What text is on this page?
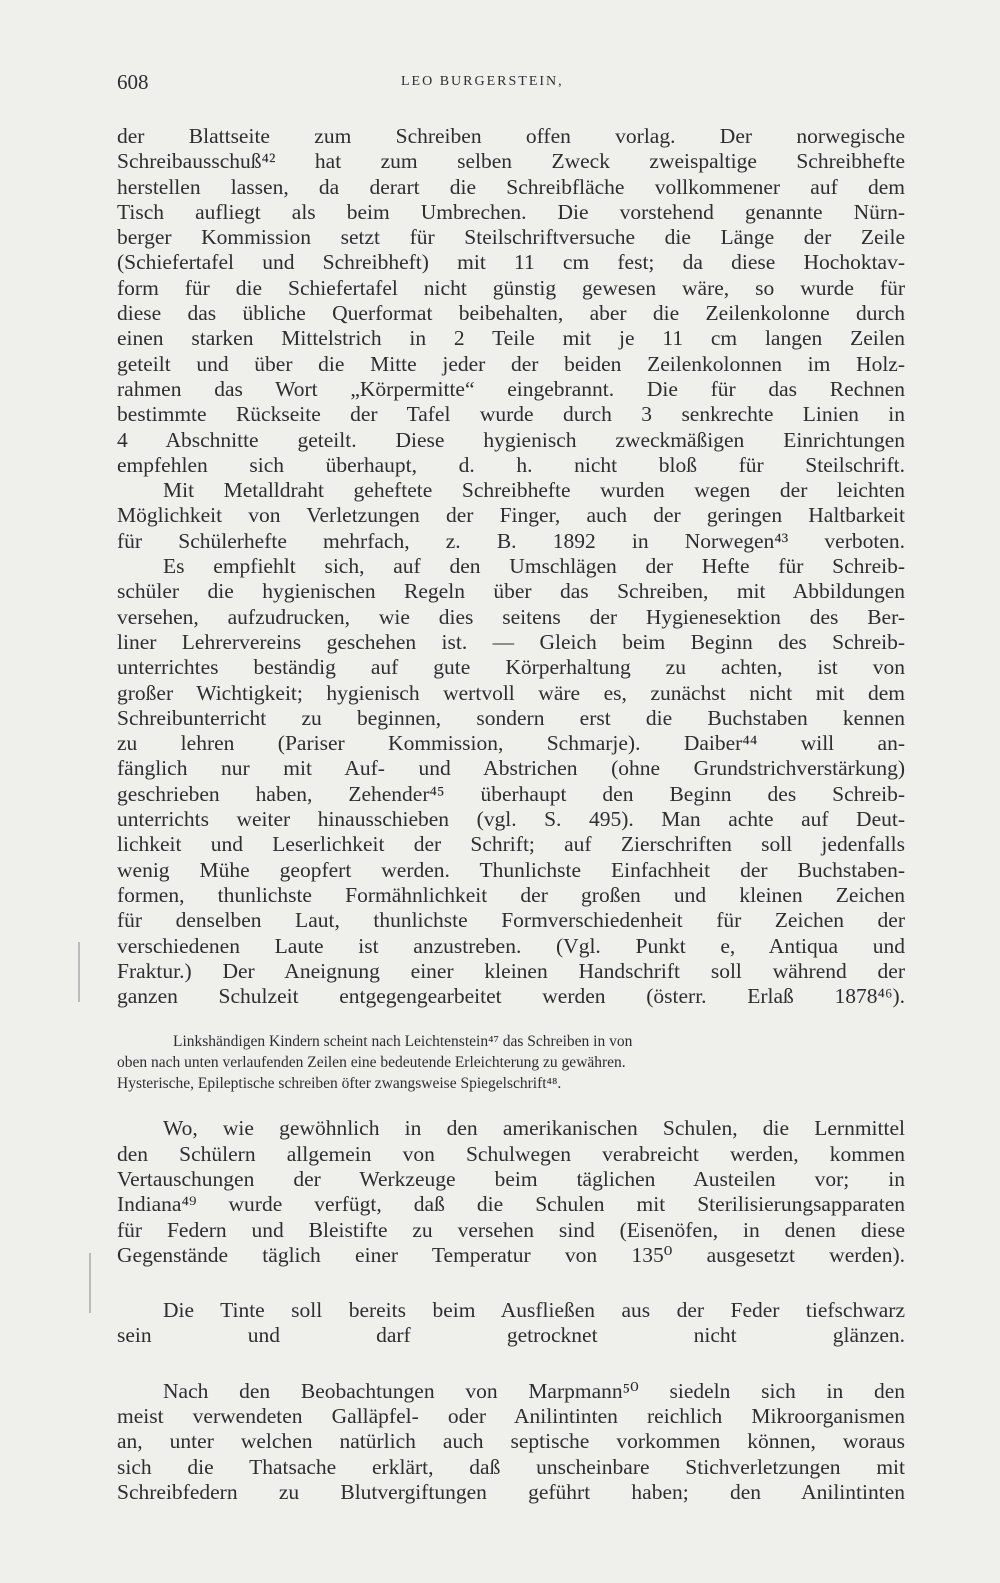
608	LEO BURGERSTEIN,
der Blattseite zum Schreiben offen vorlag. Der norwegische
Schreibausschuß⁴² hat zum selben Zweck zweispaltige Schreibhefte
herstellen lassen, da derart die Schreibfläche vollkommener auf dem
Tisch aufliegt als beim Umbrechen. Die vorstehend genannte Nürn-
berger Kommission setzt für Steilschriftversuche die Länge der Zeile
(Schiefertafel und Schreibheft) mit 11 cm fest; da diese Hochoktav-
form für die Schiefertafel nicht günstig gewesen wäre, so wurde für
diese das übliche Querformat beibehalten, aber die Zeilenkolonne durch
einen starken Mittelstrich in 2 Teile mit je 11 cm langen Zeilen
geteilt und über die Mitte jeder der beiden Zeilenkolonnen im Holz-
rahmen das Wort „Körpermitte“ eingebrannt. Die für das Rechnen
bestimmte Rückseite der Tafel wurde durch 3 senkrechte Linien in
4 Abschnitte geteilt. Diese hygienisch zweckmäßigen Einrichtungen
empfehlen sich überhaupt, d. h. nicht bloß für Steilschrift.
Mit Metalldraht geheftete Schreibhefte wurden wegen der leichten
Möglichkeit von Verletzungen der Finger, auch der geringen Haltbarkeit
für Schülerhefte mehrfach, z. B. 1892 in Norwegen⁴³ verboten.
Es empfiehlt sich, auf den Umschlägen der Hefte für Schreib-
schüler die hygienischen Regeln über das Schreiben, mit Abbildungen
versehen, aufzudrucken, wie dies seitens der Hygienesektion des Ber-
liner Lehrervereins geschehen ist. — Gleich beim Beginn des Schreib-
unterrichtes beständig auf gute Körperhaltung zu achten, ist von
großer Wichtigkeit; hygienisch wertvoll wäre es, zunächst nicht mit dem
Schreibunterricht zu beginnen, sondern erst die Buchstaben kennen
zu lehren (Pariser Kommission, Schmarje). Daiber⁴⁴ will an-
fänglich nur mit Auf- und Abstrichen (ohne Grundstrichverstärkung)
geschrieben haben, Zehender⁴⁵ überhaupt den Beginn des Schreib-
unterrichts weiter hinausschieben (vgl. S. 495). Man achte auf Deut-
lichkeit und Leserlichkeit der Schrift; auf Zierschriften soll jedenfalls
wenig Mühe geopfert werden. Thunlichste Einfachheit der Buchstaben-
formen, thunlichste Formähnlichkeit der großen und kleinen Zeichen
für denselben Laut, thunlichste Formverschiedenheit für Zeichen der
verschiedenen Laute ist anzustreben. (Vgl. Punkt e, Antiqua und
Fraktur.) Der Aneignung einer kleinen Handschrift soll während der
ganzen Schulzeit entgegengearbeitet werden (österr. Erlaß 1878⁴⁶).
Linkshändigen Kindern scheint nach Leichtenstein⁴⁷ das Schreiben in von
oben nach unten verlaufenden Zeilen eine bedeutende Erleichterung zu gewähren.
Hysterische, Epileptische schreiben öfter zwangsweise Spiegelschrift⁴⁸.
Wo, wie gewöhnlich in den amerikanischen Schulen, die Lernmittel
den Schülern allgemein von Schulwegen verabreicht werden, kommen
Vertauschungen der Werkzeuge beim täglichen Austeilen vor; in
Indiana⁴⁹ wurde verfügt, daß die Schulen mit Sterilisierungsapparaten
für Federn und Bleistifte zu versehen sind (Eisenöfen, in denen diese
Gegenstände täglich einer Temperatur von 135⁰ ausgesetzt werden).
Die Tinte soll bereits beim Ausfließen aus der Feder tiefschwarz
sein und darf getrocknet nicht glänzen.
Nach den Beobachtungen von Marpmann⁵⁰ siedeln sich in den
meist verwendeten Galläpfel- oder Anilintinten reichlich Mikroorganismen
an, unter welchen natürlich auch septische vorkommen können, woraus
sich die Thatsache erklärt, daß unscheinbare Stichverletzungen mit
Schreibfedern zu Blutvergiftungen geführt haben; den Anilintinten
